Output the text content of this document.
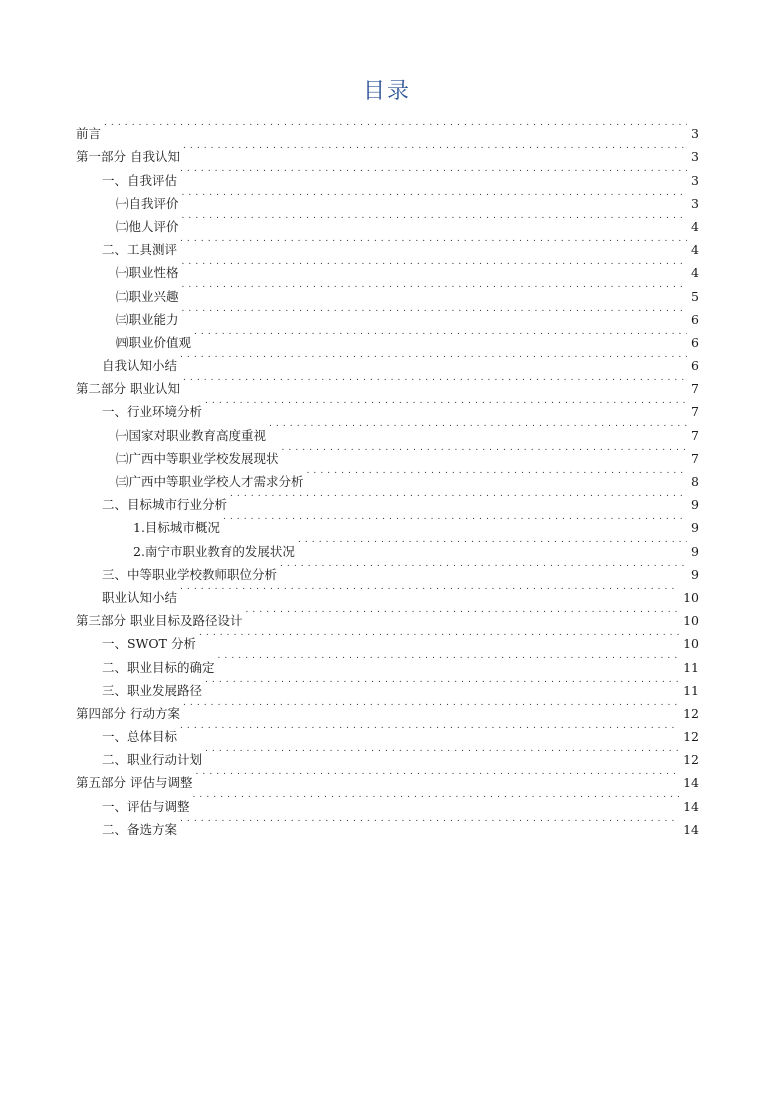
目录
前言 . . .	3
第一部分 自我认知 . . .	3
一、自我评估 . . .	3
㈠自我评价 . . .	3
㈡他人评价 . . .	4
二、工具测评 . . .	4
㈠职业性格 . . .	4
㈡职业兴趣 . . .	5
㈢职业能力 . . .	6
㈣职业价值观 . . .	6
自我认知小结 . . .	6
第二部分 职业认知 . . .	7
一、行业环境分析 . . .	7
㈠国家对职业教育高度重视 . . .	7
㈡广西中等职业学校发展现状 . . .	7
㈢广西中等职业学校人才需求分析 . . .	8
二、目标城市行业分析 . . .	9
1.目标城市概况 . . .	9
2.南宁市职业教育的发展状况 . . .	9
三、中等职业学校教师职位分析 . . .	9
职业认知小结 . . .	10
第三部分 职业目标及路径设计 . . .	10
一、SWOT 分析 . . .	10
二、职业目标的确定 . . .	11
三、职业发展路径 . . .	11
第四部分 行动方案 . . .	12
一、总体目标 . . .	12
二、职业行动计划 . . .	12
第五部分 评估与调整 . . .	14
一、评估与调整 . . .	14
二、备选方案 . . .	14
